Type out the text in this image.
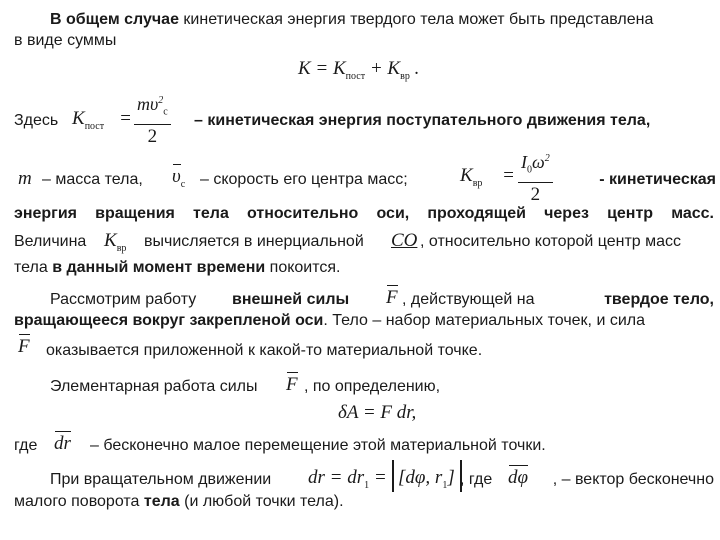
В общем случае кинетическая энергия твердого тела может быть представлена
в виде суммы
$K = K_{пост} + K_{вр}$ .
Здесь $K_{пост} = \frac{m\upsilon^2_c}{2}$ – кинетическая энергия поступательного движения тела,
m – масса тела,	$\upsilon_c$ – скорость его центра масс;	$K_{вр} = \frac{I_0\omega^2}{2}$	- кинетическая
энергия вращения тела относительно оси, проходящей через центр масс.
Величина $K_{вр}$ вычисляется в инерциальной	СО , относительно которой центр масс
тела в данный момент времени покоится.
Рассмотрим работу	внешней силы F , действующей на	твердое тело,
вращающееся вокруг закрепленой оси. Тело – набор материальных точек, и сила
F оказывается приложенной к какой-то материальной точке.
Элементарная работа силы	F , по определению,
δA = F dr,
где dr – бесконечно малое перемещение этой материальной точки.
При вращательном движении	dr = $dr_1 = [d\varphi$, $r_1$] , где dφ	, – вектор бесконечно
малого поворота тела (и любой точки тела).
